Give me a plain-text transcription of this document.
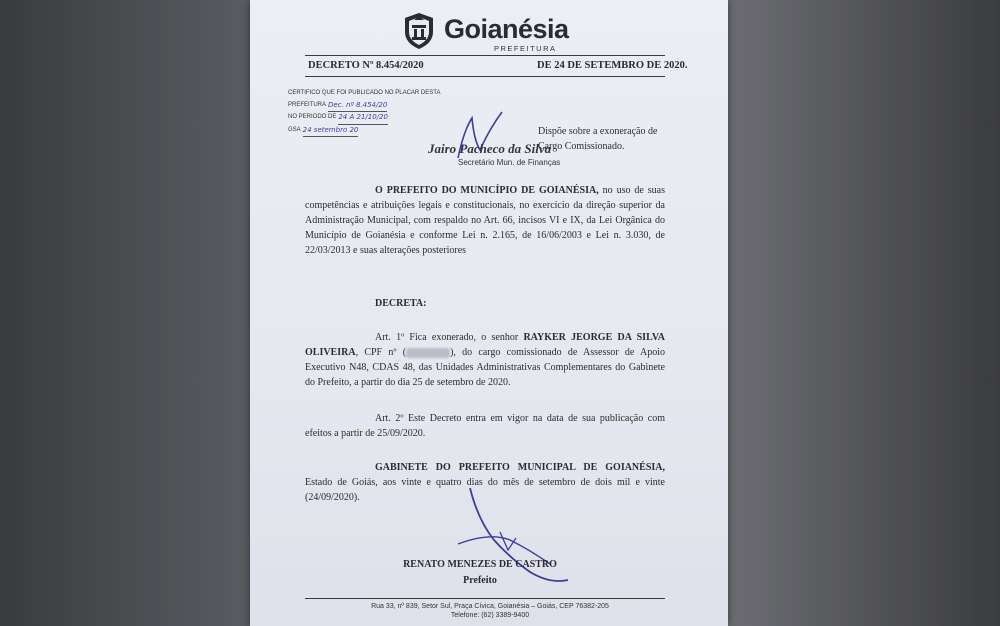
Goianésia
PREFEITURA
DECRETO Nº 8.454/2020	DE 24 DE SETEMBRO DE 2020.
CERTIFICO QUE FOI PUBLICADO NO PLACAR DESTA
PREFEITURA Dec. nº 8.454/20
NO PERIODO DE 24 A 21/10/20
GSA 24 setembro 20
Jairo Pacheco da Silva
Secretário Mun. de Finanças
Dispõe sobre a exoneração de Cargo Comissionado.
O PREFEITO DO MUNICÍPIO DE GOIANÉSIA, no uso de suas competências e atribuições legais e constitucionais, no exercício da direção superior da Administração Municipal, com respaldo no Art. 66, incisos VI e IX, da Lei Orgânica do Município de Goianésia e conforme Lei n. 2.165, de 16/06/2003 e Lei n. 3.030, de 22/03/2013 e suas alterações posteriores
DECRETA:
Art. 1º Fica exonerado, o senhor RAYKER JEORGE DA SILVA OLIVEIRA, CPF nº (	), do cargo comissionado de Assessor de Apoio Executivo N48, CDAS 48, das Unidades Administrativas Complementares do Gabinete do Prefeito, a partir do dia 25 de setembro de 2020.
Art. 2º Este Decreto entra em vigor na data de sua publicação com efeitos a partir de 25/09/2020.
GABINETE DO PREFEITO MUNICIPAL DE GOIANÉSIA, Estado de Goiás, aos vinte e quatro dias do mês de setembro de dois mil e vinte (24/09/2020).
RENATO MENEZES DE CASTRO
Prefeito
Rua 33, nº 839, Setor Sul, Praça Cívica, Goianésia – Goiás, CEP 76382-205
Telefone: (62) 3389-9400
